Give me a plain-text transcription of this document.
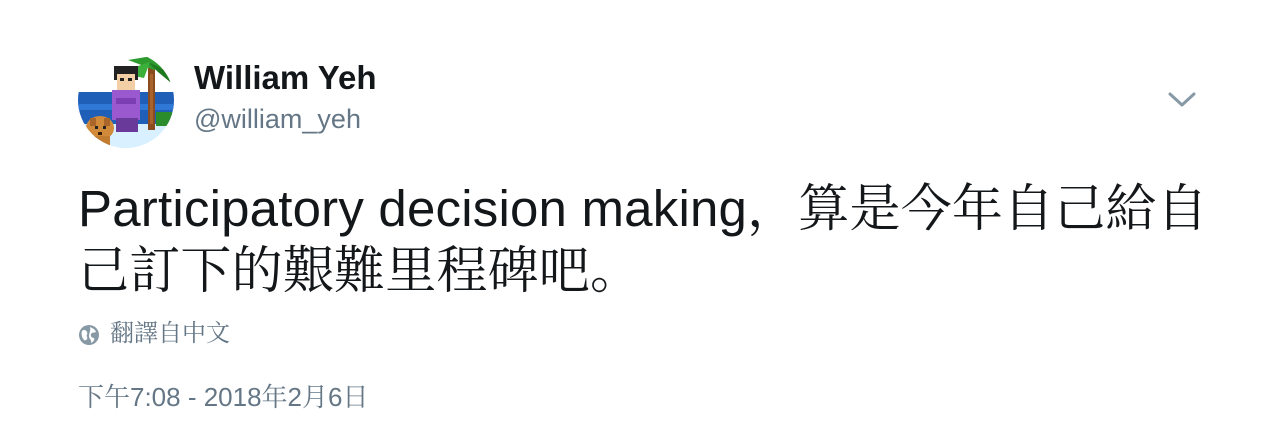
William Yeh
@william_yeh

Participatory decision making，算是今年自己給自己訂下的艱難里程碑吧。

翻譯自中文
下午7:08 - 2018年2月6日
